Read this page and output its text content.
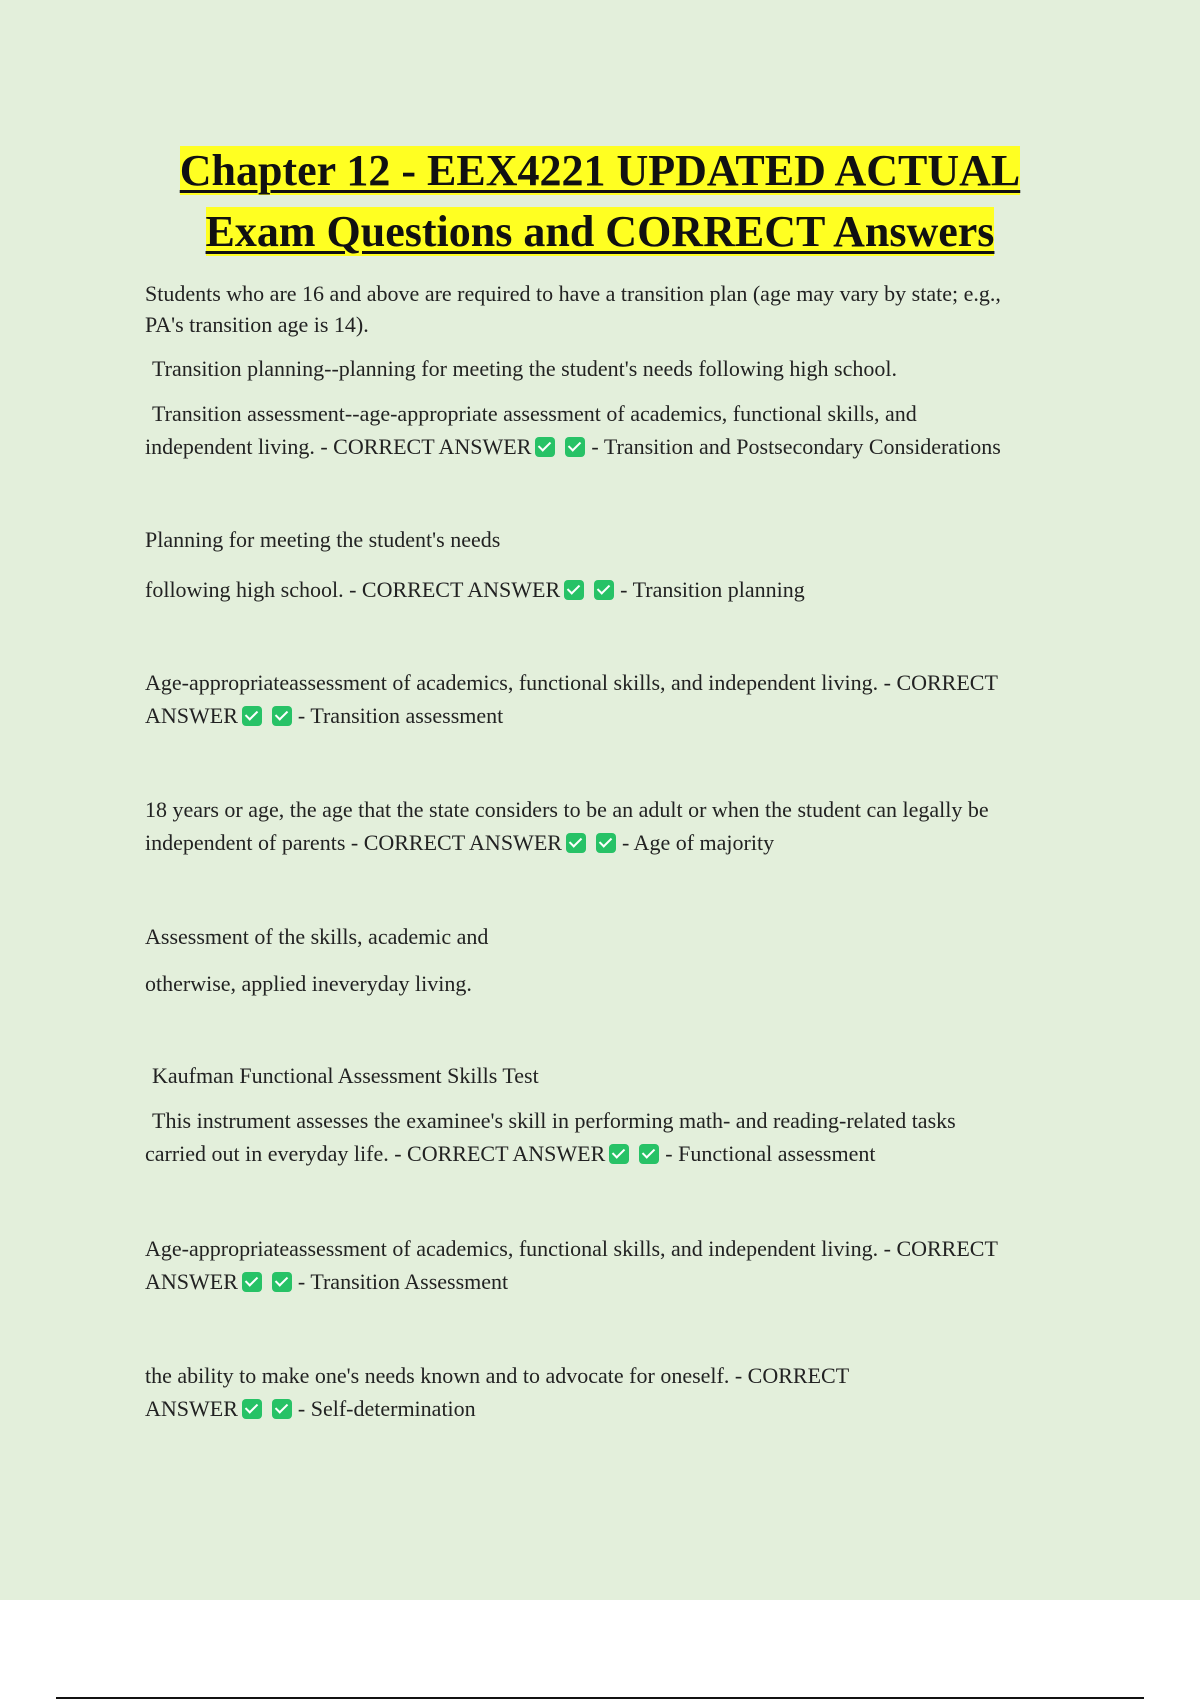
Chapter 12 - EEX4221 UPDATED ACTUAL
Exam Questions and CORRECT Answers

Students who are 16 and above are required to have a transition plan (age may vary by state; e.g.,
PA's transition age is 14).

Transition planning--planning for meeting the student's needs following high school.

Transition assessment--age-appropriate assessment of academics, functional skills, and

independent living. - CORRECT ANSWER	- Transition and Postsecondary Considerations

Planning for meeting the student's needs

following high school. - CORRECT ANSWER	- Transition planning

Age-appropriateassessment of academics, functional skills, and independent living. - CORRECT

ANSWER	- Transition assessment

18 years or age, the age that the state considers to be an adult or when the student can legally be

independent of parents - CORRECT ANSWER	- Age of majority

Assessment of the skills, academic and

otherwise, applied ineveryday living.

Kaufman Functional Assessment Skills Test

This instrument assesses the examinee's skill in performing math- and reading-related tasks

carried out in everyday life. - CORRECT ANSWER	- Functional assessment

Age-appropriateassessment of academics, functional skills, and independent living. - CORRECT

ANSWER	- Transition Assessment

the ability to make one's needs known and to advocate for oneself. - CORRECT

ANSWER	- Self-determination
